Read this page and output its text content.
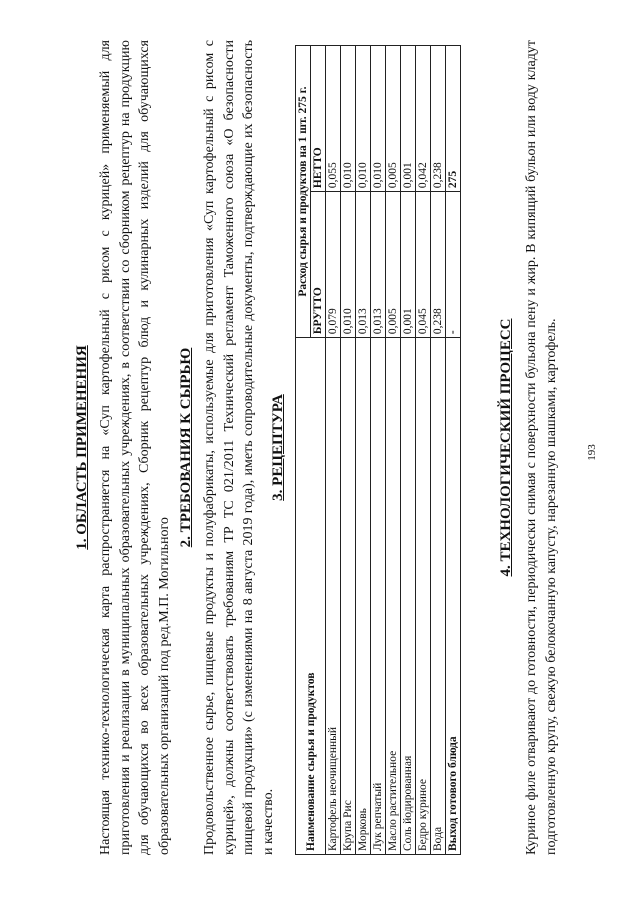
1. ОБЛАСТЬ ПРИМЕНЕНИЯ Настоящая технико-технологическая карта распространяется на «Суп картофельный с рисом с курицей» применяемый для приготовления и реализации в муниципальных образовательных учреждениях, в соответствии со сборником рецептур на продукцию для обучающихся во всех образовательных учреждениях, Сборник рецептур блюд и кулинарных изделий для обучающихся образовательных организаций под ред.М.П. Могильного

2. ТРЕБОВАНИЯ К СЫРЬЮ Продовольственное сырье, пищевые продукты и полуфабрикаты, используемые для приготовления «Суп картофельный с рисом с курицей», должны соответствовать требованиям ТР ТС 021/2011 Технический регламент Таможенного союза «О безопасности пищевой продукции» (с изменениями на 8 августа 2019 года), иметь сопроводительные документы, подтверждающие их безопасность и качество.

3. РЕЦЕПТУРА
Наименование сырья и продуктов	Расход сырья и продуктов на 1 шт. 275 г.	
	БРУТТО	НЕТТО
Картофель неочищенный	0,079	0,055
Крупа Рис	0,010	0,010
Морковь	0,013	0,010
Лук репчатый	0,013	0,010
Масло растительное	0,005	0,005
Соль йодированная	0,001	0,001
Бедро куриное	0,045	0,042
Вода	0,238	0,238
Выход готового блюда	-	275
4. ТЕХНОЛОГИЧЕСКИЙ ПРОЦЕСС Куриное филе отваривают до готовности, периодически снимая с поверхности бульона пену и жир. В кипящий бульон или воду кладут подготовленную крупу, свежую белокочанную капусту, нарезанную шашками, картофель.	193
